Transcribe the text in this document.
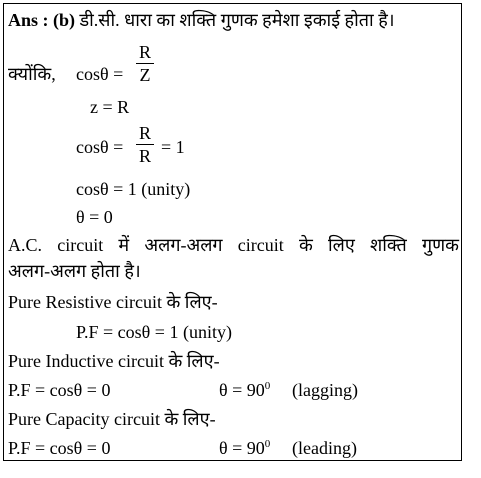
Ans : (b) डी.सी. धारा का शक्ति गुणक हमेशा इकाई होता है।
क्योंकि, cosθ =
R
Z
z = R
cosθ =
R
R = 1
cosθ = 1 (unity)
θ = 0
A.C. circuit में अलग-अलग circuit के लिए शक्ति गुणक
अलग-अलग होता है।
Pure Resistive circuit के लिए-
P.F = cosθ = 1 (unity)
Pure Inductive circuit के लिए-
P.F = cosθ = 0	$\theta = 90^0$ (lagging)
Pure Capacity circuit के लिए-
P.F = cosθ = 0	$\theta = 90^0$ (leading)
